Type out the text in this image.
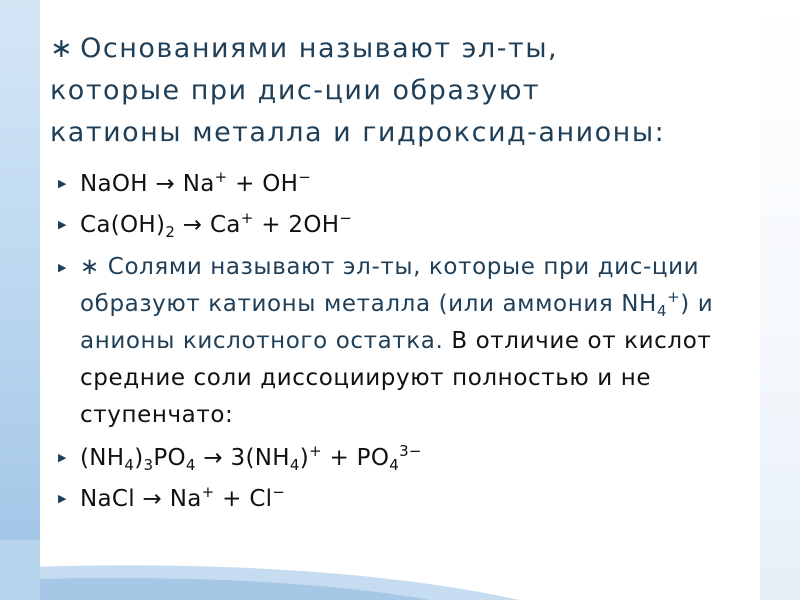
∗ Основаниями называют эл-ты,
которые при дис-ции образуют
катионы металла и гидроксид-анионы:
▶ NaOH → Na+ + OH−
▶ $Ca(OH)_2 \to Ca^+ + 2OH^-$
▶ ∗ Солями называют эл-ты, которые при дис-ции образуют катионы металла (или аммония $NH_4^+$) и анионы кислотного остатка. В отличие от кислот средние соли диссоциируют полностью и не ступенчато:
▶ $(NH_4)_3PO_4 \to 3(NH_4)^+ + PO_4^{3-}$
▶ NaCl → Na+ + Cl−
